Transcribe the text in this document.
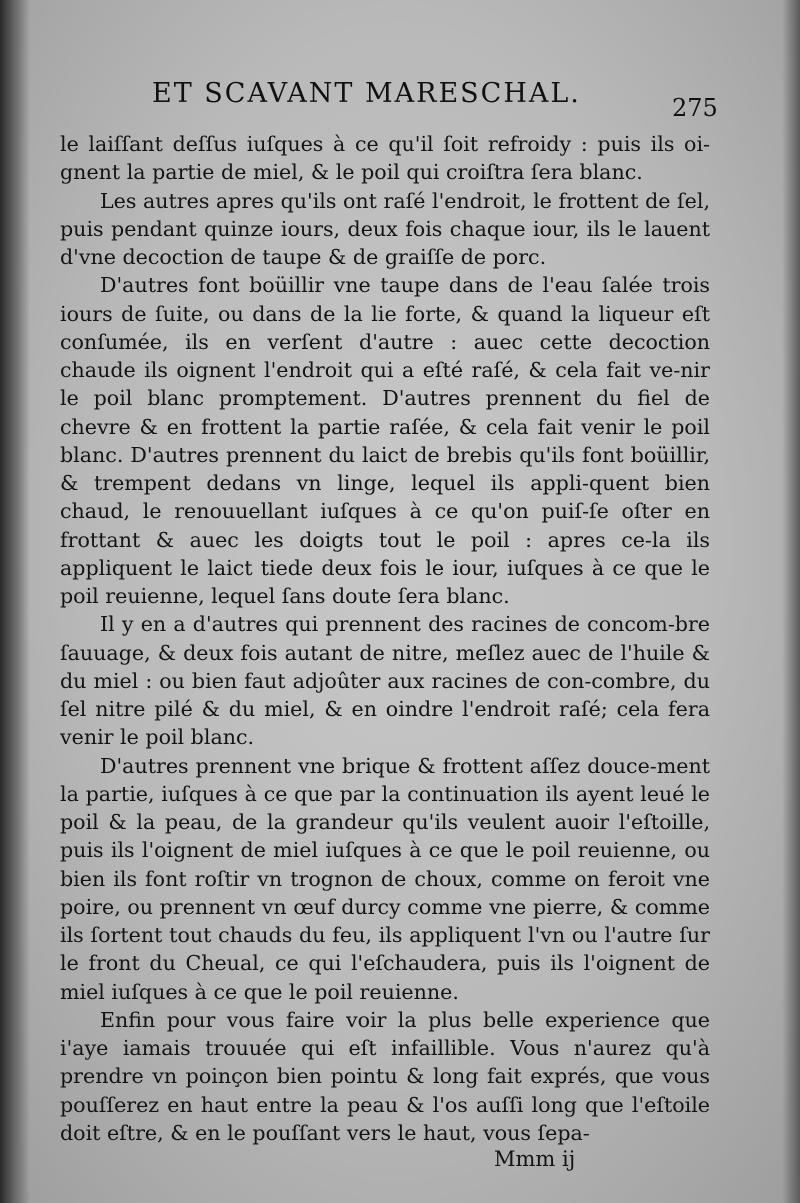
ET SCAVANT MARESCHAL.	275

le laiſſant deſſus iuſques à ce qu'il ſoit refroidy : puis ils oi-gnent la partie de miel, & le poil qui croiſtra ſera blanc.

Les autres apres qu'ils ont raſé l'endroit, le frottent de ſel, puis pendant quinze iours, deux fois chaque iour, ils le lauent d'vne decoction de taupe & de graiſſe de porc.

D'autres font boüillir vne taupe dans de l'eau ſalée trois iours de ſuite, ou dans de la lie forte, & quand la liqueur eſt conſumée, ils en verſent d'autre : auec cette decoction chaude ils oignent l'endroit qui a eſté raſé, & cela fait ve-nir le poil blanc promptement. D'autres prennent du fiel de chevre & en frottent la partie raſée, & cela fait venir le poil blanc. D'autres prennent du laict de brebis qu'ils font boüillir, & trempent dedans vn linge, lequel ils appli-quent bien chaud, le renouuellant iuſques à ce qu'on puiſ-ſe oſter en frottant & auec les doigts tout le poil : apres ce-la ils appliquent le laict tiede deux fois le iour, iuſques à ce que le poil reuienne, lequel ſans doute ſera blanc.

Il y en a d'autres qui prennent des racines de concom-bre ſauuage, & deux fois autant de nitre, meſlez auec de l'huile & du miel : ou bien faut adjoûter aux racines de con-combre, du ſel nitre pilé & du miel, & en oindre l'endroit raſé; cela fera venir le poil blanc.

D'autres prennent vne brique & frottent aſſez douce-ment la partie, iuſques à ce que par la continuation ils ayent leué le poil & la peau, de la grandeur qu'ils veulent auoir l'eſtoille, puis ils l'oignent de miel iuſques à ce que le poil reuienne, ou bien ils font roſtir vn trognon de choux, comme on feroit vne poire, ou prennent vn œuf durcy comme vne pierre, & comme ils ſortent tout chauds du feu, ils appliquent l'vn ou l'autre ſur le front du Cheual, ce qui l'eſchaudera, puis ils l'oignent de miel iuſques à ce que le poil reuienne.

Enfin pour vous faire voir la plus belle experience que i'aye iamais trouuée qui eſt infaillible. Vous n'aurez qu'à prendre vn poinçon bien pointu & long fait exprés, que vous pouſſerez en haut entre la peau & l'os auſſi long que l'eſtoile doit eſtre, & en le pouſſant vers le haut, vous ſepa-

Mmm ij
